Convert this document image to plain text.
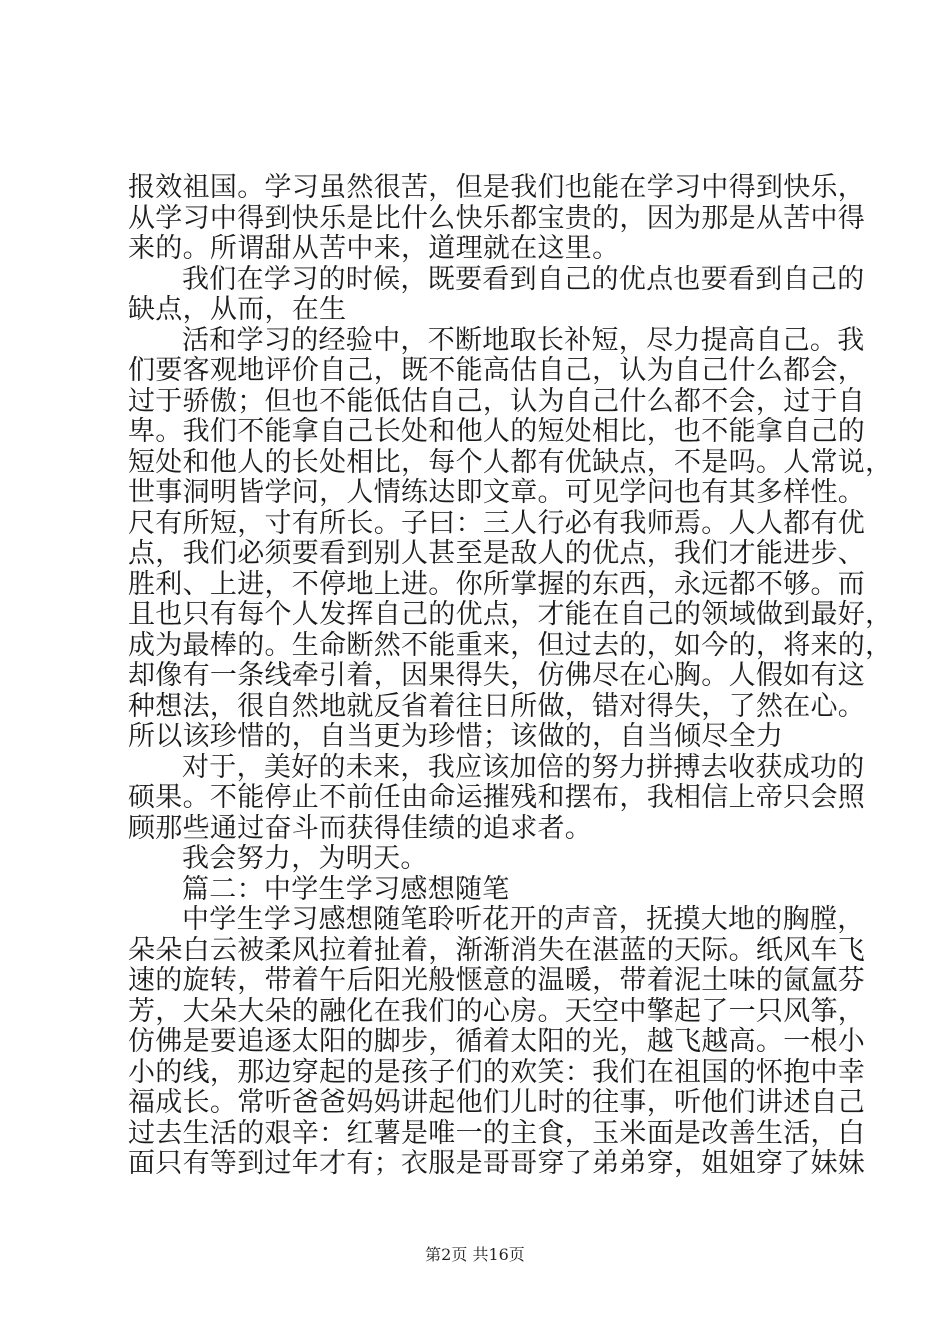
报效祖国。学习虽然很苦，但是我们也能在学习中得到快乐，
从学习中得到快乐是比什么快乐都宝贵的，因为那是从苦中得
来的。所谓甜从苦中来，道理就在这里。
我们在学习的时候，既要看到自己的优点也要看到自己的
缺点，从而，在生
活和学习的经验中，不断地取长补短，尽力提高自己。我
们要客观地评价自己，既不能高估自己，认为自己什么都会，
过于骄傲；但也不能低估自己，认为自己什么都不会，过于自
卑。我们不能拿自己长处和他人的短处相比，也不能拿自己的
短处和他人的长处相比，每个人都有优缺点，不是吗。人常说，
世事洞明皆学问，人情练达即文章。可见学问也有其多样性。
尺有所短，寸有所长。子曰：三人行必有我师焉。人人都有优
点，我们必须要看到别人甚至是敌人的优点，我们才能进步、
胜利、上进，不停地上进。你所掌握的东西，永远都不够。而
且也只有每个人发挥自己的优点，才能在自己的领域做到最好，
成为最棒的。生命断然不能重来，但过去的，如今的，将来的，
却像有一条线牵引着，因果得失，仿佛尽在心胸。人假如有这
种想法，很自然地就反省着往日所做，错对得失，了然在心。
所以该珍惜的，自当更为珍惜；该做的，自当倾尽全力
对于，美好的未来，我应该加倍的努力拼搏去收获成功的
硕果。不能停止不前任由命运摧残和摆布，我相信上帝只会照
顾那些通过奋斗而获得佳绩的追求者。
我会努力，为明天。
篇二：中学生学习感想随笔
中学生学习感想随笔聆听花开的声音，抚摸大地的胸膛，
朵朵白云被柔风拉着扯着，渐渐消失在湛蓝的天际。纸风车飞
速的旋转，带着午后阳光般惬意的温暖，带着泥土味的氤氲芬
芳，大朵大朵的融化在我们的心房。天空中擎起了一只风筝，
仿佛是要追逐太阳的脚步，循着太阳的光，越飞越高。一根小
小的线，那边穿起的是孩子们的欢笑：我们在祖国的怀抱中幸
福成长。常听爸爸妈妈讲起他们儿时的往事，听他们讲述自己
过去生活的艰辛：红薯是唯一的主食，玉米面是改善生活，白
面只有等到过年才有；衣服是哥哥穿了弟弟穿，姐姐穿了妹妹
第2页 共16页
